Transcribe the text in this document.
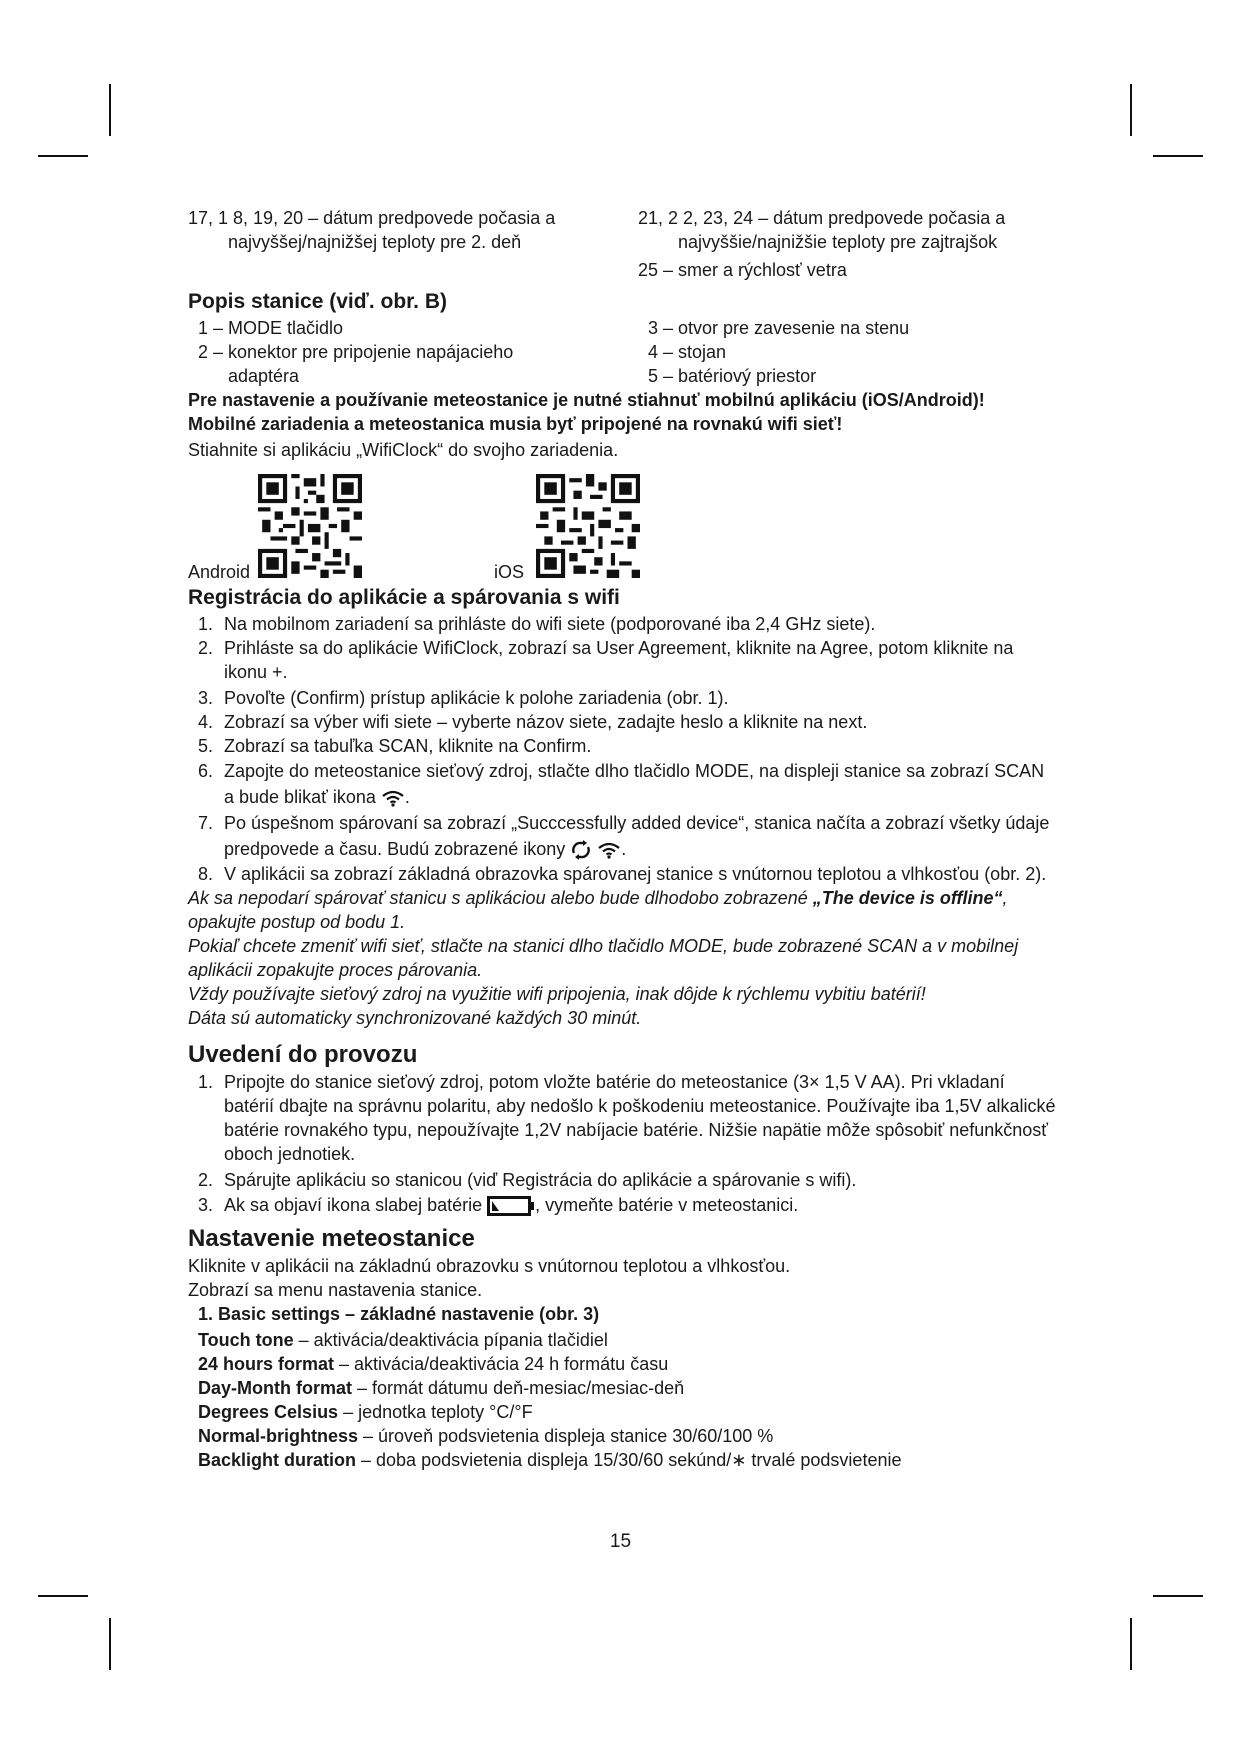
17, 1 8, 19, 20 – dátum predpovede počasia a
najvyššej/najnižšej teploty pre 2. deň
21, 2 2, 23, 24 – dátum predpovede počasia a
najvyššie/najnižšie teploty pre zajtrajšok
25 – smer a rýchlosť vetra
Popis stanice (viď. obr. B)
1 – MODE tlačidlo
2 – konektor pre pripojenie napájacieho
adaptéra
3 – otvor pre zavesenie na stenu
4 – stojan
5 – batériový priestor
Pre nastavenie a používanie meteostanice je nutné stiahnuť mobilnú aplikáciu (iOS/Android)!
Mobilné zariadenia a meteostanica musia byť pripojené na rovnakú wifi sieť!
Stiahnite si aplikáciu „WifiClock“ do svojho zariadenia.
Android	iOS
Registrácia do aplikácie a spárovania s wifi
1. Na mobilnom zariadení sa prihláste do wifi siete (podporované iba 2,4 GHz siete).
2. Prihláste sa do aplikácie WifiClock, zobrazí sa User Agreement, kliknite na Agree, potom kliknite na ikonu +.
3. Povoľte (Confirm) prístup aplikácie k polohe zariadenia (obr. 1).
4. Zobrazí sa výber wifi siete – vyberte názov siete, zadajte heslo a kliknite na next.
5. Zobrazí sa tabuľka SCAN, kliknite na Confirm.
6. Zapojte do meteostanice sieťový zdroj, stlačte dlho tlačidlo MODE, na displeji stanice sa zobrazí SCAN a bude blikať ikona .
7. Po úspešnom spárovaní sa zobrazí „Succcessfully added device“, stanica načíta a zobrazí všetky údaje predpovede a času. Budú zobrazené ikony	.
8. V aplikácii sa zobrazí základná obrazovka spárovanej stanice s vnútornou teplotou a vlhkosťou (obr. 2).
Ak sa nepodarí spárovať stanicu s aplikáciou alebo bude dlhodobo zobrazené „The device is offline“, opakujte postup od bodu 1.
Pokiaľ chcete zmeniť wifi sieť, stlačte na stanici dlho tlačidlo MODE, bude zobrazené SCAN a v mobilnej aplikácii zopakujte proces párovania.
Vždy používajte sieťový zdroj na využitie wifi pripojenia, inak dôjde k rýchlemu vybitiu batérií!
Dáta sú automaticky synchronizované každých 30 minút.
Uvedení do provozu
1. Pripojte do stanice sieťový zdroj, potom vložte batérie do meteostanice (3× 1,5 V AA). Pri vkladaní batérií dbajte na správnu polaritu, aby nedošlo k poškodeniu meteostanice. Používajte iba 1,5V alkalické batérie rovnakého typu, nepoužívajte 1,2V nabíjacie batérie. Nižšie napätie môže spôsobiť nefunkčnosť oboch jednotiek.
2. Spárujte aplikáciu so stanicou (viď Registrácia do aplikácie a spárovanie s wifi).
3. Ak sa objaví ikona slabej batérie	, vymeňte batérie v meteostanici.
Nastavenie meteostanice
Kliknite v aplikácii na základnú obrazovku s vnútornou teplotou a vlhkosťou.
Zobrazí sa menu nastavenia stanice.
1. Basic settings – základné nastavenie (obr. 3)
Touch tone – aktivácia/deaktivácia pípania tlačidiel
24 hours format – aktivácia/deaktivácia 24 h formátu času
Day-Month format – formát dátumu deň-mesiac/mesiac-deň
Degrees Celsius – jednotka teploty °C/°F
Normal-brightness – úroveň podsvietenia displeja stanice 30/60/100 %
Backlight duration – doba podsvietenia displeja 15/30/60 sekúnd/∗ trvalé podsvietenie
15
